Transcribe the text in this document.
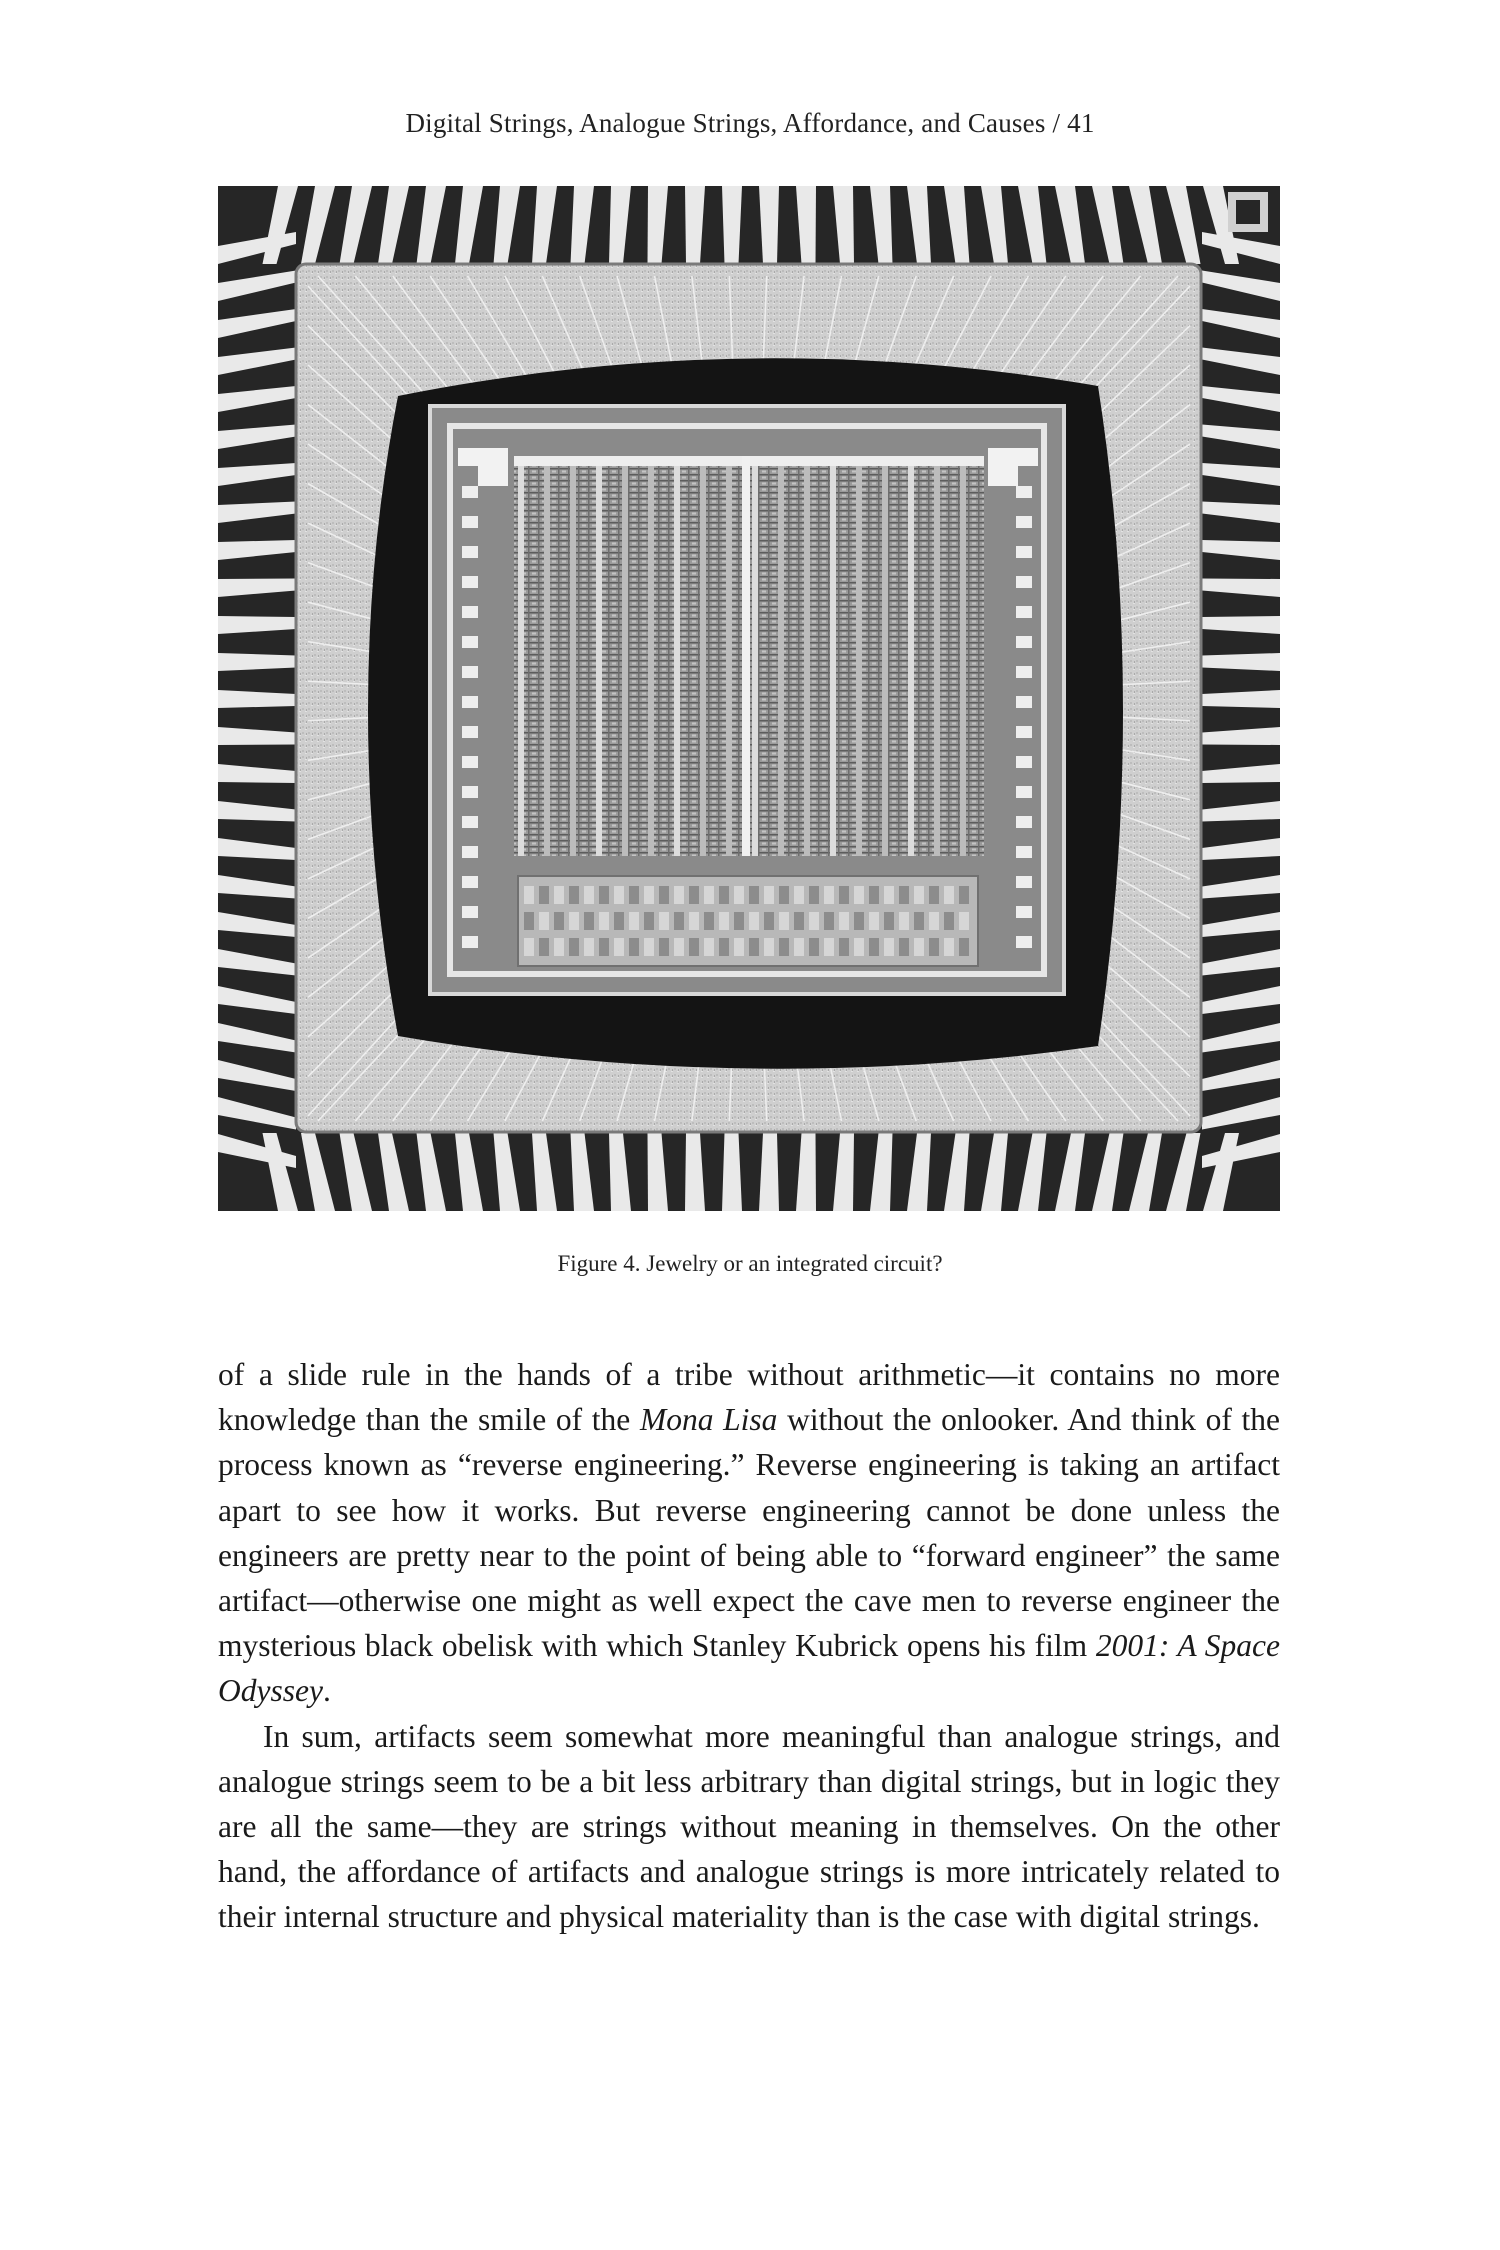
Digital Strings, Analogue Strings, Affordance, and Causes / 41
Figure 4. Jewelry or an integrated circuit?

of a slide rule in the hands of a tribe without arithmetic—it contains no more knowledge than the smile of the Mona Lisa without the onlooker. And think of the process known as “reverse engineering.” Reverse engineering is taking an artifact apart to see how it works. But reverse engineering cannot be done unless the engineers are pretty near to the point of being able to “forward engineer” the same artifact—otherwise one might as well expect the cave men to reverse engineer the mysterious black obelisk with which Stanley Kubrick opens his film 2001: A Space Odyssey.

In sum, artifacts seem somewhat more meaningful than analogue strings, and analogue strings seem to be a bit less arbitrary than digital strings, but in logic they are all the same—they are strings without meaning in themselves. On the other hand, the affordance of artifacts and analogue strings is more intricately related to their internal structure and physical materiality than is the case with digital strings.
